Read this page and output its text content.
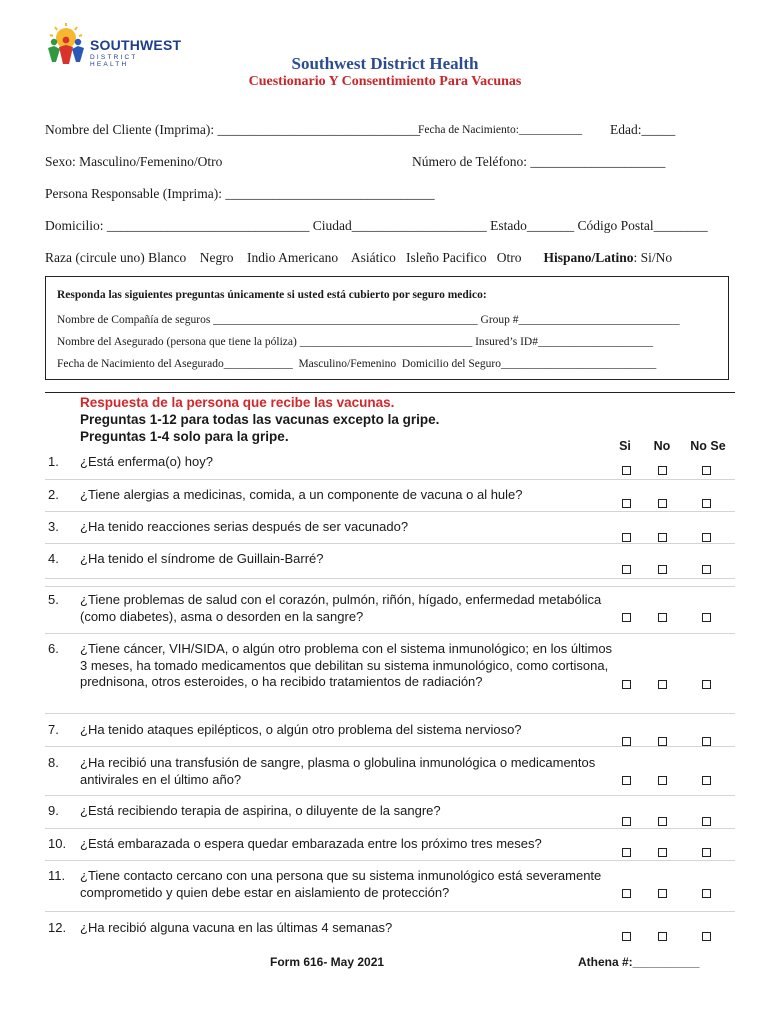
SOUTHWEST
DISTRICT HEALTH	Southwest District Health
Cuestionario Y Consentimiento Para Vacunas
Nombre del Cliente (Imprima): ______________________________
Fecha de Nacimiento:___________ Edad:_____
Sexo: Masculino/Femenino/Otro	Número de Teléfono: ____________________
Persona Responsable (Imprima): _______________________________
Domicilio: ______________________________ Ciudad____________________ Estado_______ Código Postal________
Raza (circule uno) Blanco    Negro    Indio Americano    Asiático   Isleño Pacifico   Otro Hispano/Latino: Si/No
Responda las siguientes preguntas únicamente si usted está cubierto por seguro medico:
Nombre de Compañía de seguros ______________________________________________ Group #____________________________
Nombre del Asegurado (persona que tiene la póliza) ______________________________ Insured’s ID#____________________
Fecha de Nacimiento del Asegurado____________  Masculino/Femenino  Domicilio del Seguro___________________________
Respuesta de la persona que recibe las vacunas.
Preguntas 1-12 para todas las vacunas excepto la gripe.
Preguntas 1-4 solo para la gripe.
Si	No	No Se
1. ¿Está enferma(o) hoy?
2. ¿Tiene alergias a medicinas, comida, a un componente de vacuna o al hule?
3. ¿Ha tenido reacciones serias después de ser vacunado?
4. ¿Ha tenido el síndrome de Guillain-Barré?
5. ¿Tiene problemas de salud con el corazón, pulmón, riñón, hígado, enfermedad metabólica (como diabetes), asma o desorden en la sangre?
6. ¿Tiene cáncer, VIH/SIDA, o algún otro problema con el sistema inmunológico; en los últimos 3 meses, ha tomado medicamentos que debilitan su sistema inmunológico, como cortisona, prednisona, otros esteroides, o ha recibido tratamientos de radiación?
7. ¿Ha tenido ataques epilépticos, o algún otro problema del sistema nervioso?
8. ¿Ha recibió una transfusión de sangre, plasma o globulina inmunológica o medicamentos antivirales en el último año?
9. ¿Está recibiendo terapia de aspirina, o diluyente de la sangre?
10. ¿Está embarazada o espera quedar embarazada entre los próximo tres meses?
11. ¿Tiene contacto cercano con una persona que su sistema inmunológico está severamente comprometido y quien debe estar en aislamiento de protección?
12. ¿Ha recibió alguna vacuna en las últimas 4 semanas?
Form 616- May 2021	Athena #:__________
